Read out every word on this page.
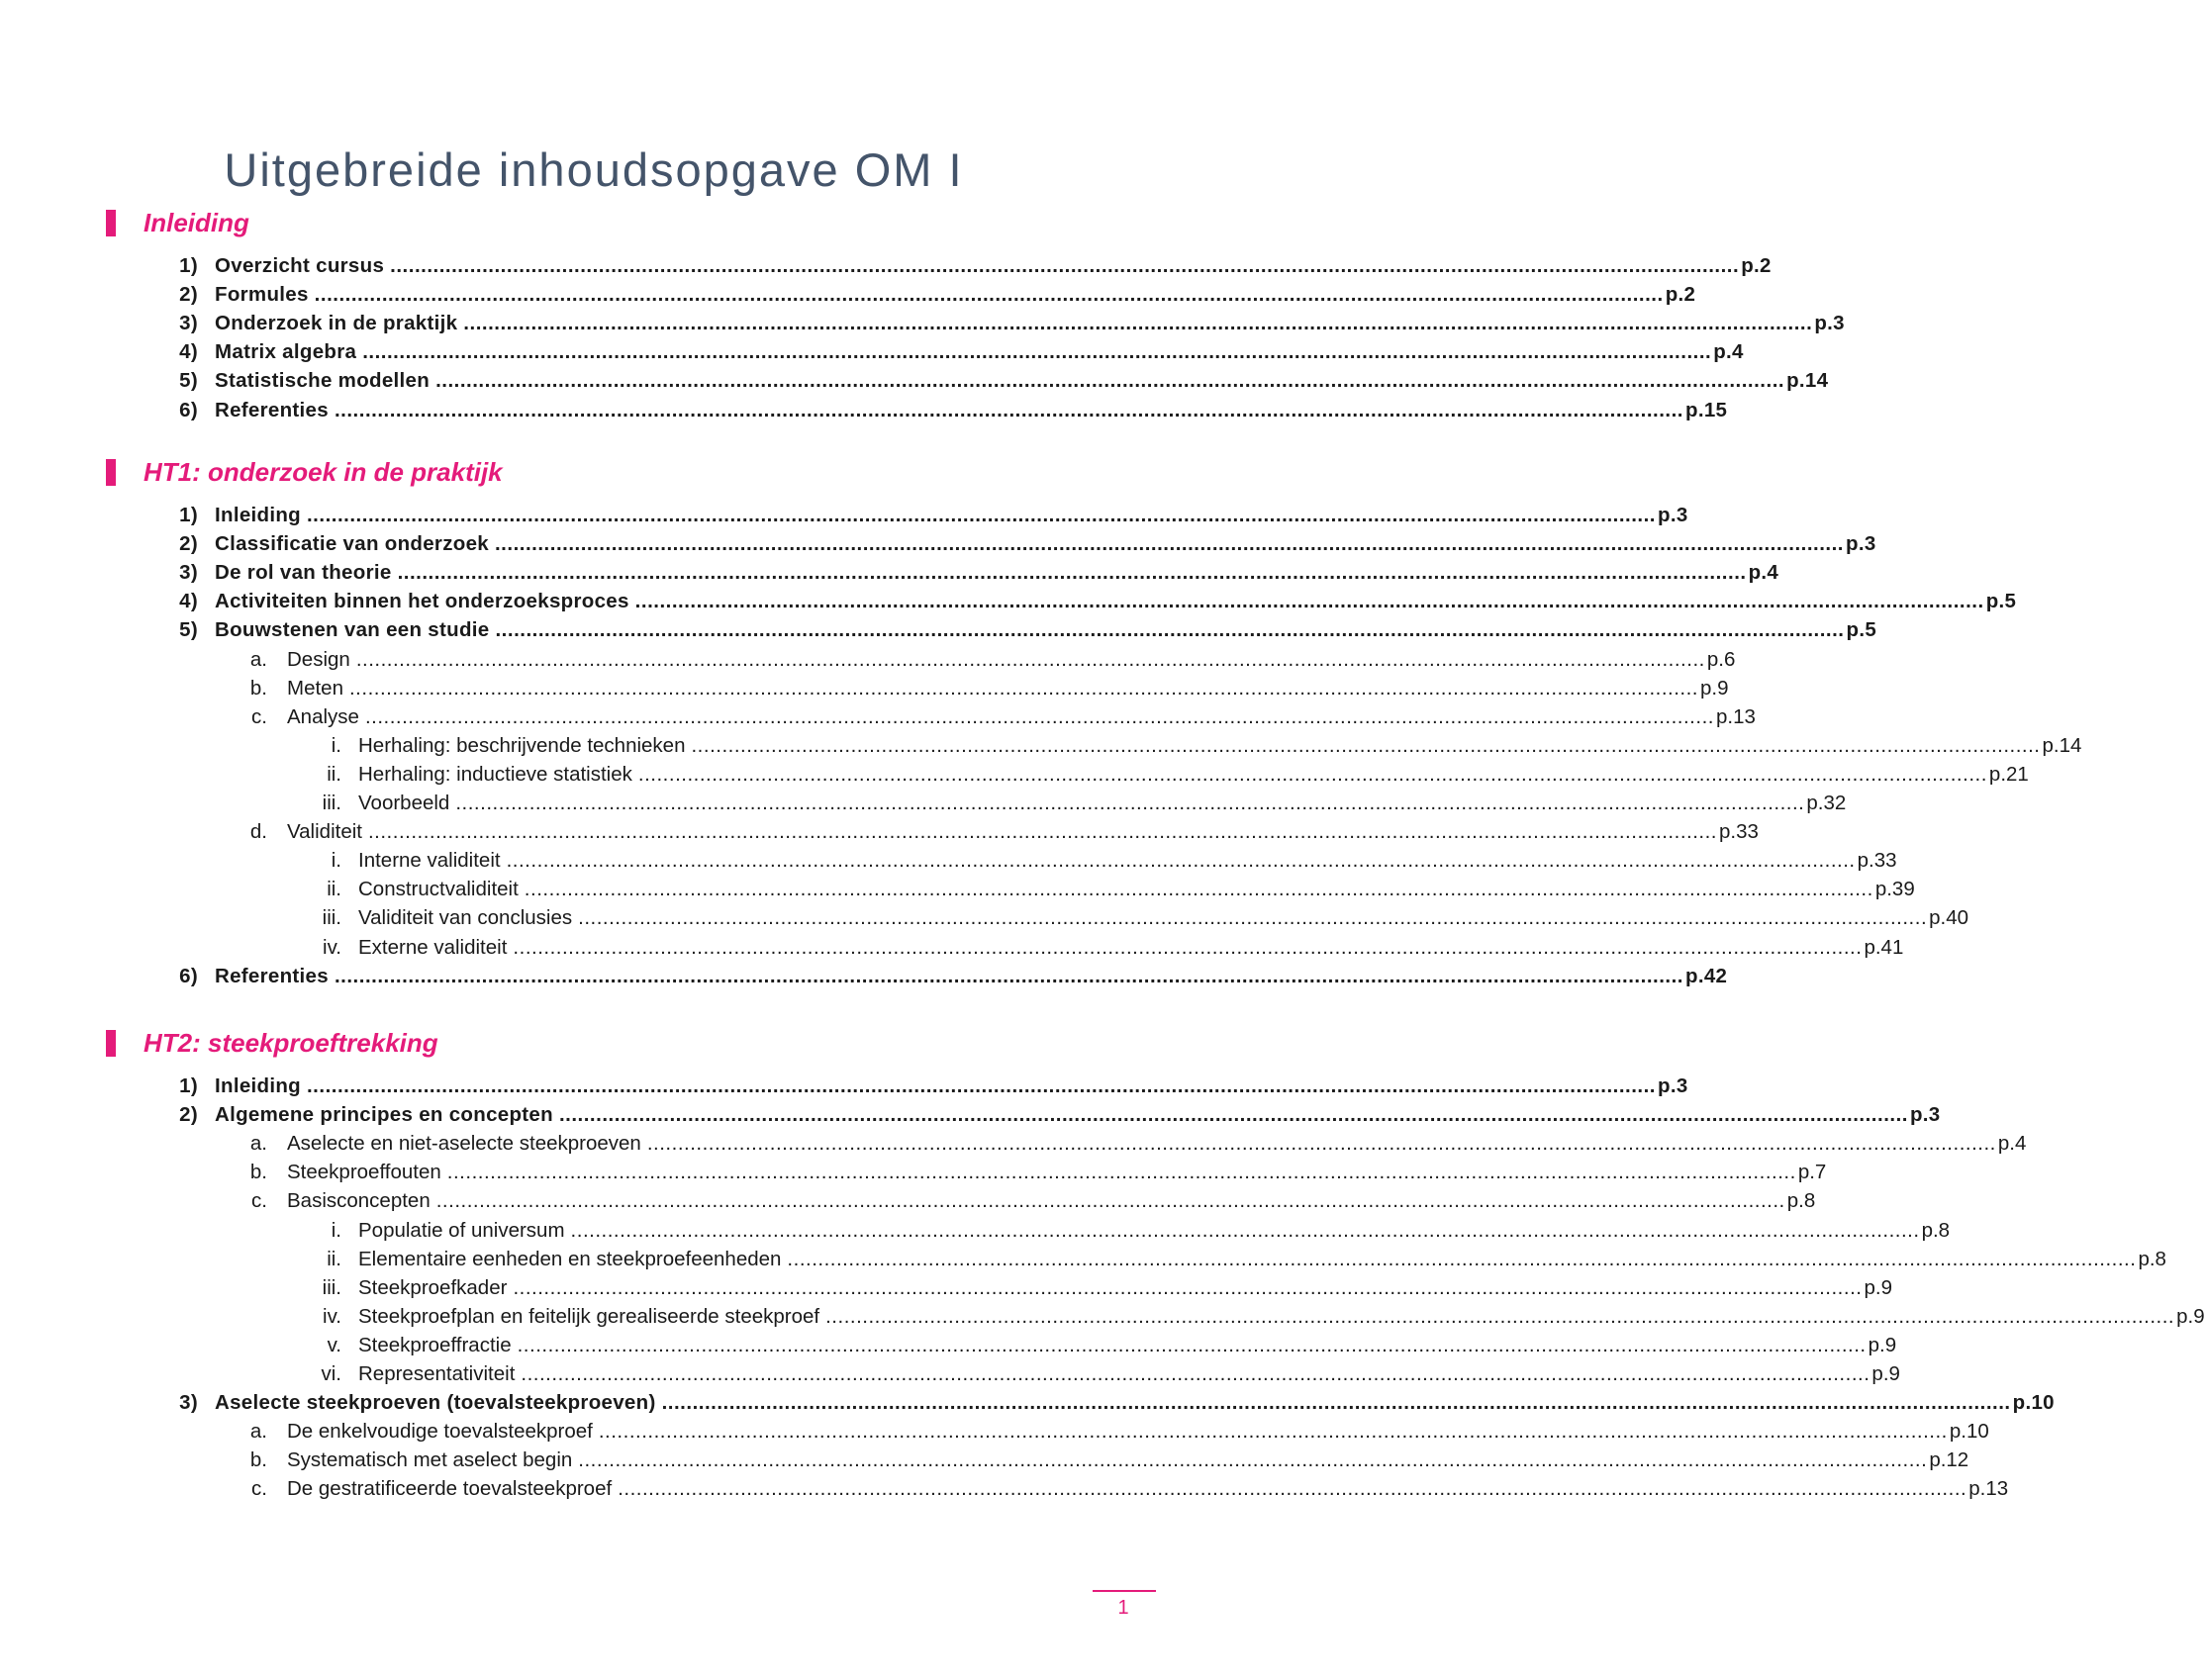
Uitgebreide inhoudsopgave OM I
Inleiding
1) Overzicht cursus ............................................................................................................................................................................................................................ p.2
2) Formules ............................................................................................................................................................................................................................ p.2
3) Onderzoek in de praktijk ............................................................................................................................................................................................................................ p.3
4) Matrix algebra ............................................................................................................................................................................................................................ p.4
5) Statistische modellen ............................................................................................................................................................................................................................ p.14
6) Referenties ............................................................................................................................................................................................................................ p.15
HT1: onderzoek in de praktijk
1) Inleiding ............................................................................................................................................................................................................................ p.3
2) Classificatie van onderzoek ............................................................................................................................................................................................................................ p.3
3) De rol van theorie ............................................................................................................................................................................................................................ p.4
4) Activiteiten binnen het onderzoeksproces ............................................................................................................................................................................................................................ p.5
5) Bouwstenen van een studie ............................................................................................................................................................................................................................ p.5
a. Design ............................................................................................................................................................................................................................ p.6
b. Meten ............................................................................................................................................................................................................................ p.9
c. Analyse ............................................................................................................................................................................................................................ p.13
i. Herhaling: beschrijvende technieken ............................................................................................................................................................................................................................ p.14
ii. Herhaling: inductieve statistiek ............................................................................................................................................................................................................................ p.21
iii. Voorbeeld ............................................................................................................................................................................................................................ p.32
d. Validiteit ............................................................................................................................................................................................................................ p.33
i. Interne validiteit ............................................................................................................................................................................................................................ p.33
ii. Constructvaliditeit ............................................................................................................................................................................................................................ p.39
iii. Validiteit van conclusies ............................................................................................................................................................................................................................ p.40
iv. Externe validiteit ............................................................................................................................................................................................................................ p.41
6) Referenties ............................................................................................................................................................................................................................ p.42
HT2: steekproeftrekking
1) Inleiding ............................................................................................................................................................................................................................ p.3
2) Algemene principes en concepten ............................................................................................................................................................................................................................ p.3
a. Aselecte en niet-aselecte steekproeven ............................................................................................................................................................................................................................ p.4
b. Steekproeffouten ............................................................................................................................................................................................................................ p.7
c. Basisconcepten ............................................................................................................................................................................................................................ p.8
i. Populatie of universum ............................................................................................................................................................................................................................ p.8
ii. Elementaire eenheden en steekproefeenheden ............................................................................................................................................................................................................................ p.8
iii. Steekproefkader ............................................................................................................................................................................................................................ p.9
iv. Steekproefplan en feitelijk gerealiseerde steekproef ............................................................................................................................................................................................................................ p.9
v. Steekproeffractie ............................................................................................................................................................................................................................ p.9
vi. Representativiteit ............................................................................................................................................................................................................................ p.9
3) Aselecte steekproeven (toevalsteekproeven) ............................................................................................................................................................................................................................ p.10
a. De enkelvoudige toevalsteekproef ............................................................................................................................................................................................................................ p.10
b. Systematisch met aselect begin ............................................................................................................................................................................................................................ p.12
c. De gestratificeerde toevalsteekproef ............................................................................................................................................................................................................................ p.13
1
